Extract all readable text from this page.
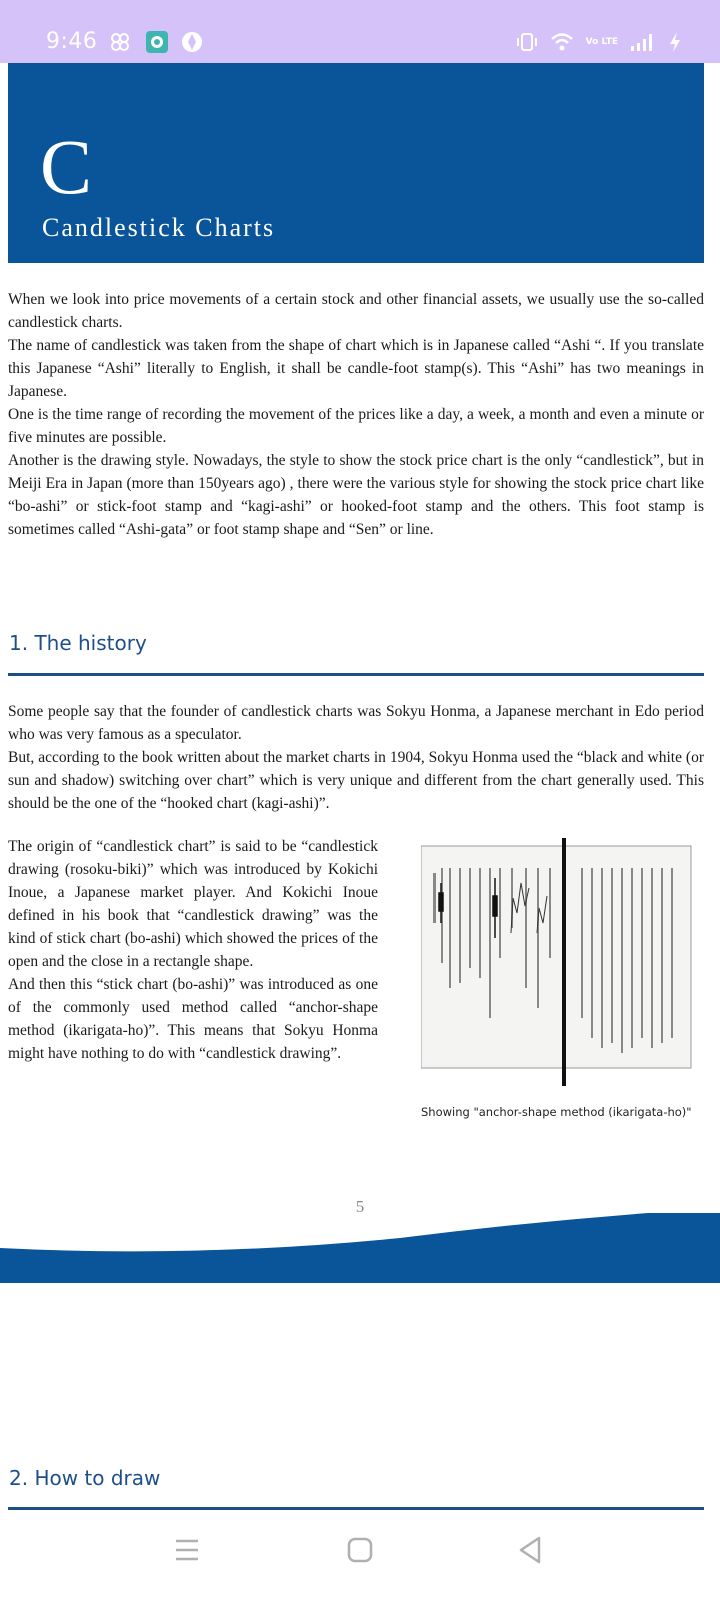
9:46	Vo LTE
C
Candlestick Charts

When we look into price movements of a certain stock and other financial assets, we usually use the so-called candlestick charts.

The name of candlestick was taken from the shape of chart which is in Japanese called “Ashi “. If you translate this Japanese “Ashi” literally to English, it shall be candle-foot stamp(s). This “Ashi” has two meanings in Japanese.

One is the time range of recording the movement of the prices like a day, a week, a month and even a minute or five minutes are possible.

Another is the drawing style. Nowadays, the style to show the stock price chart is the only “candlestick”, but in Meiji Era in Japan (more than 150years ago) , there were the various style for showing the stock price chart like “bo-ashi” or stick-foot stamp and “kagi-ashi” or hooked-foot stamp and the others. This foot stamp is sometimes called “Ashi-gata” or foot stamp shape and “Sen” or line.

1. The history

Some people say that the founder of candlestick charts was Sokyu Honma, a Japanese merchant in Edo period who was very famous as a speculator.

But, according to the book written about the market charts in 1904, Sokyu Honma used the “black and white (or sun and shadow) switching over chart” which is very unique and different from the chart generally used. This should be the one of the “hooked chart (kagi-ashi)”.

The origin of “candlestick chart” is said to be “candlestick drawing (rosoku-biki)” which was introduced by Kokichi Inoue, a Japanese market player. And Kokichi Inoue defined in his book that “candlestick drawing” was the kind of stick chart (bo-ashi) which showed the prices of the open and the close in a rectangle shape.

And then this “stick chart (bo-ashi)” was introduced as one of the commonly used method called “anchor-shape method (ikarigata-ho)”. This means that Sokyu Honma might have nothing to do with “candlestick drawing”.

Showing "anchor-shape method (ikarigata-ho)"
5
2. How to draw
